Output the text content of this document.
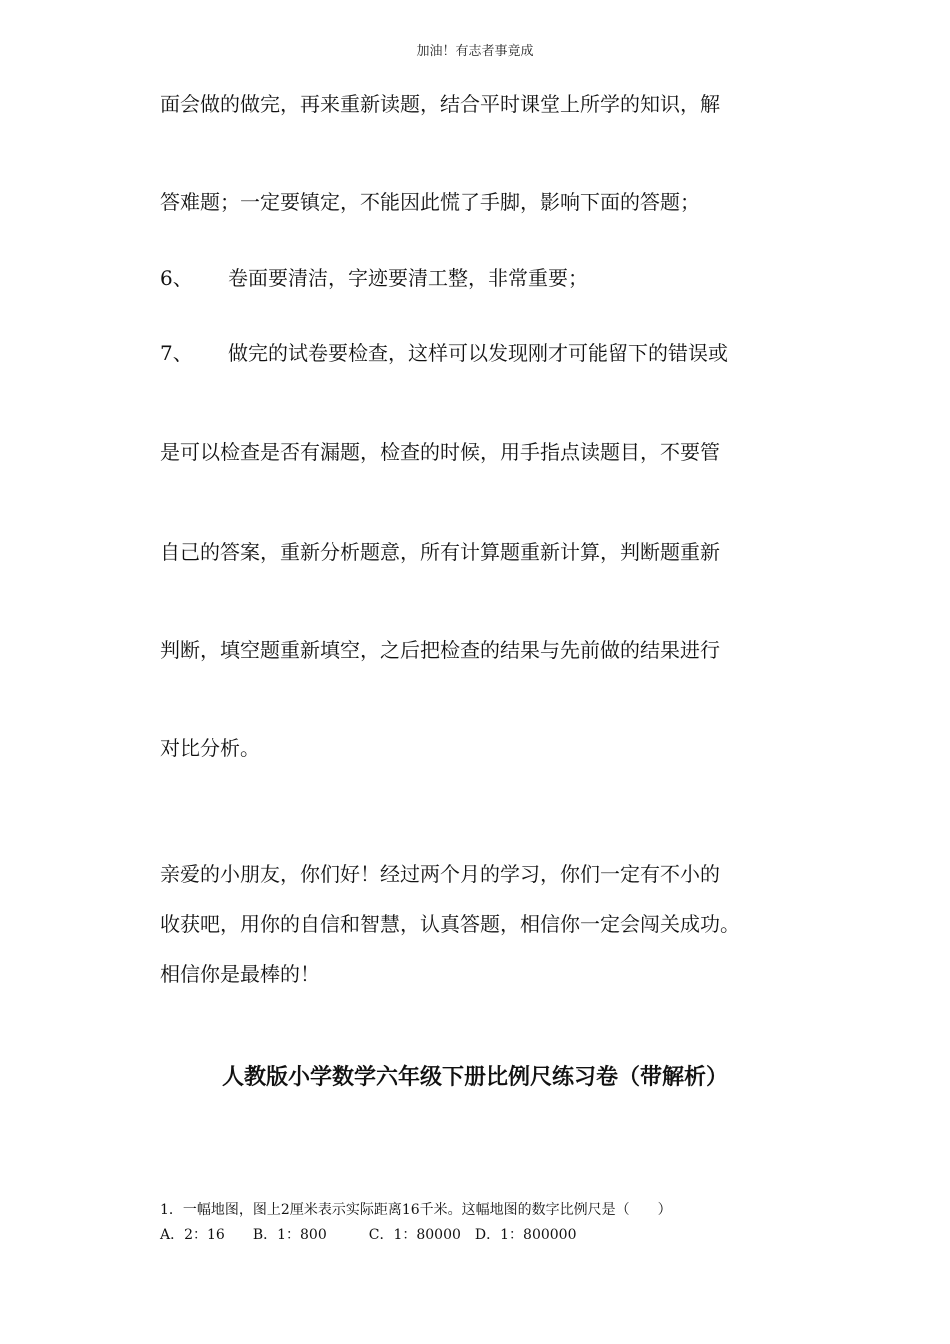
加油！有志者事竟成
面会做的做完，再来重新读题，结合平时课堂上所学的知识，解
答难题；一定要镇定，不能因此慌了手脚，影响下面的答题；
6、 卷面要清洁，字迹要清工整，非常重要；
7、 做完的试卷要检查，这样可以发现刚才可能留下的错误或
是可以检查是否有漏题，检查的时候，用手指点读题目，不要管
自己的答案，重新分析题意，所有计算题重新计算，判断题重新
判断，填空题重新填空，之后把检查的结果与先前做的结果进行
对比分析。
亲爱的小朋友，你们好！经过两个月的学习，你们一定有不小的
收获吧，用你的自信和智慧，认真答题，相信你一定会闯关成功。
相信你是最棒的！
人教版小学数学六年级下册比例尺练习卷（带解析）
1．一幅地图，图上2厘米表示实际距离16千米。这幅地图的数字比例尺是（　　）
A．2：16　　B．1：800　　　C．1：80000　D．1：800000
